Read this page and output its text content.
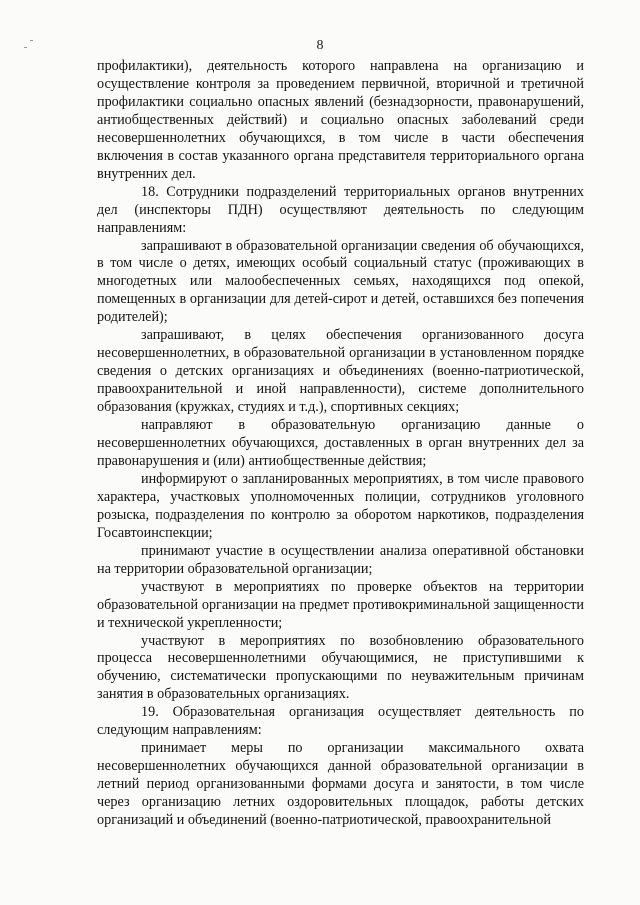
8

профилактики), деятельность которого направлена на организацию и осуществление контроля за проведением первичной, вторичной и третичной профилактики социально опасных явлений (безнадзорности, правонарушений, антиобщественных действий) и социально опасных заболеваний среди несовершеннолетних обучающихся, в том числе в части обеспечения включения в состав указанного органа представителя территориального органа внутренних дел.

18. Сотрудники подразделений территориальных органов внутренних дел (инспекторы ПДН) осуществляют деятельность по следующим направлениям:

запрашивают в образовательной организации сведения об обучающихся, в том числе о детях, имеющих особый социальный статус (проживающих в многодетных или малообеспеченных семьях, находящихся под опекой, помещенных в организации для детей-сирот и детей, оставшихся без попечения родителей);

запрашивают, в целях обеспечения организованного досуга несовершеннолетних, в образовательной организации в установленном порядке сведения о детских организациях и объединениях (военно-патриотической, правоохранительной и иной направленности), системе дополнительного образования (кружках, студиях и т.д.), спортивных секциях;

направляют в образовательную организацию данные о несовершеннолетних обучающихся, доставленных в орган внутренних дел за правонарушения и (или) антиобщественные действия;

информируют о запланированных мероприятиях, в том числе правового характера, участковых уполномоченных полиции, сотрудников уголовного розыска, подразделения по контролю за оборотом наркотиков, подразделения Госавтоинспекции;

принимают участие в осуществлении анализа оперативной обстановки на территории образовательной организации;

участвуют в мероприятиях по проверке объектов на территории образовательной организации на предмет противокриминальной защищенности и технической укрепленности;

участвуют в мероприятиях по возобновлению образовательного процесса несовершеннолетними обучающимися, не приступившими к обучению, систематически пропускающими по неуважительным причинам занятия в образовательных организациях.

19. Образовательная организация осуществляет деятельность по следующим направлениям:

принимает меры по организации максимального охвата несовершеннолетних обучающихся данной образовательной организации в летний период организованными формами досуга и занятости, в том числе через организацию летних оздоровительных площадок, работы детских организаций и объединений (военно-патриотической, правоохранительной
